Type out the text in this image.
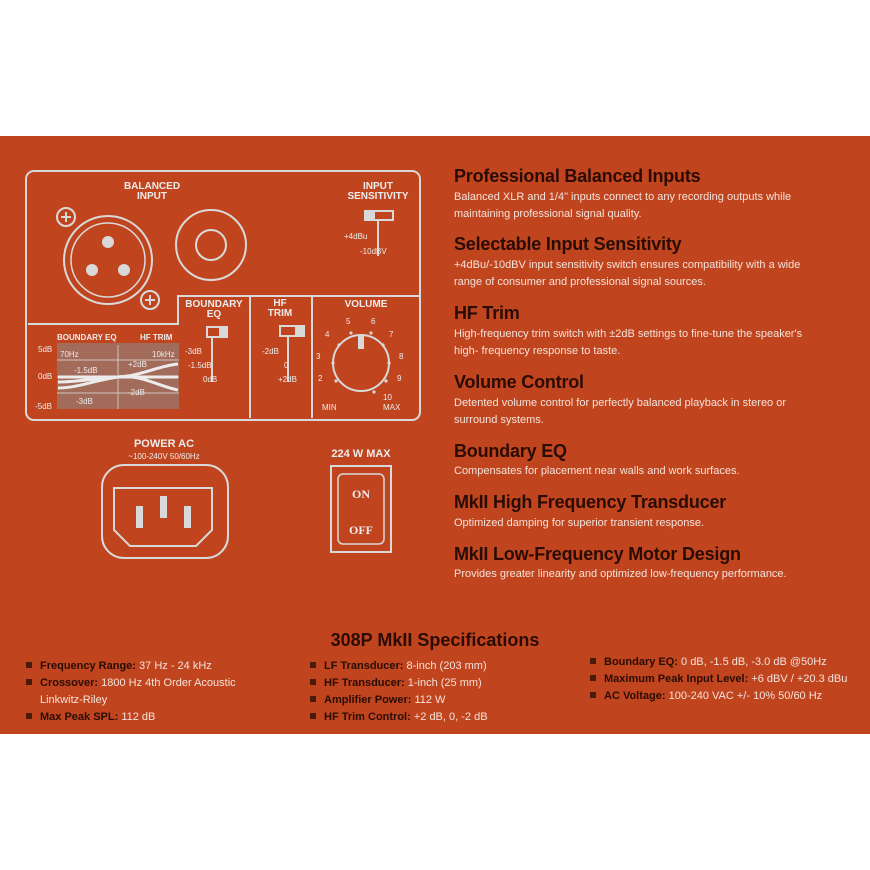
BALANCED
INPUT
INPUT
SENSITIVITY
+4dBu
-10dBV
BOUNDARY
EQ
-3dB
-1.5dB
0dB
HF
TRIM
-2dB
0
+2dB
VOLUME
2
3
4
5	6
7
8
9
10
MIN	MAX
BOUNDARY EQ	HF TRIM
5dB
0dB
-5dB
70Hz	10kHz
-1.5dB
-3dB
+2dB
-2dB
POWER AC
~100-240V 50/60Hz	224 W MAX
ON
OFF
Professional Balanced Inputs
Balanced XLR and 1/4" inputs connect to any recording outputs while maintaining professional signal quality.
Selectable Input Sensitivity
+4dBu/-10dBV input sensitivity switch ensures compatibility with a wide range of consumer and professional signal sources.
HF Trim
High-frequency trim switch with ±2dB settings to fine-tune the speaker's high- frequency response to taste.
Volume Control
Detented volume control for perfectly balanced playback in stereo or surround systems.
Boundary EQ
Compensates for placement near walls and work surfaces.
MkII High Frequency Transducer
Optimized damping for superior transient response.
MkII Low-Frequency Motor Design
Provides greater linearity and optimized low-frequency performance.
308P MkII Specifications
Frequency Range: 37 Hz - 24 kHz
Crossover: 1800 Hz 4th Order Acoustic
Linkwitz-Riley
Max Peak SPL: 112 dB
LF Transducer: 8-inch (203 mm)
HF Transducer: 1-inch (25 mm)
Amplifier Power: 112 W
HF Trim Control: +2 dB, 0, -2 dB
Boundary EQ: 0 dB, -1.5 dB, -3.0 dB @50Hz
Maximum Peak Input Level: +6 dBV / +20.3 dBu
AC Voltage: 100-240 VAC +/- 10% 50/60 Hz
